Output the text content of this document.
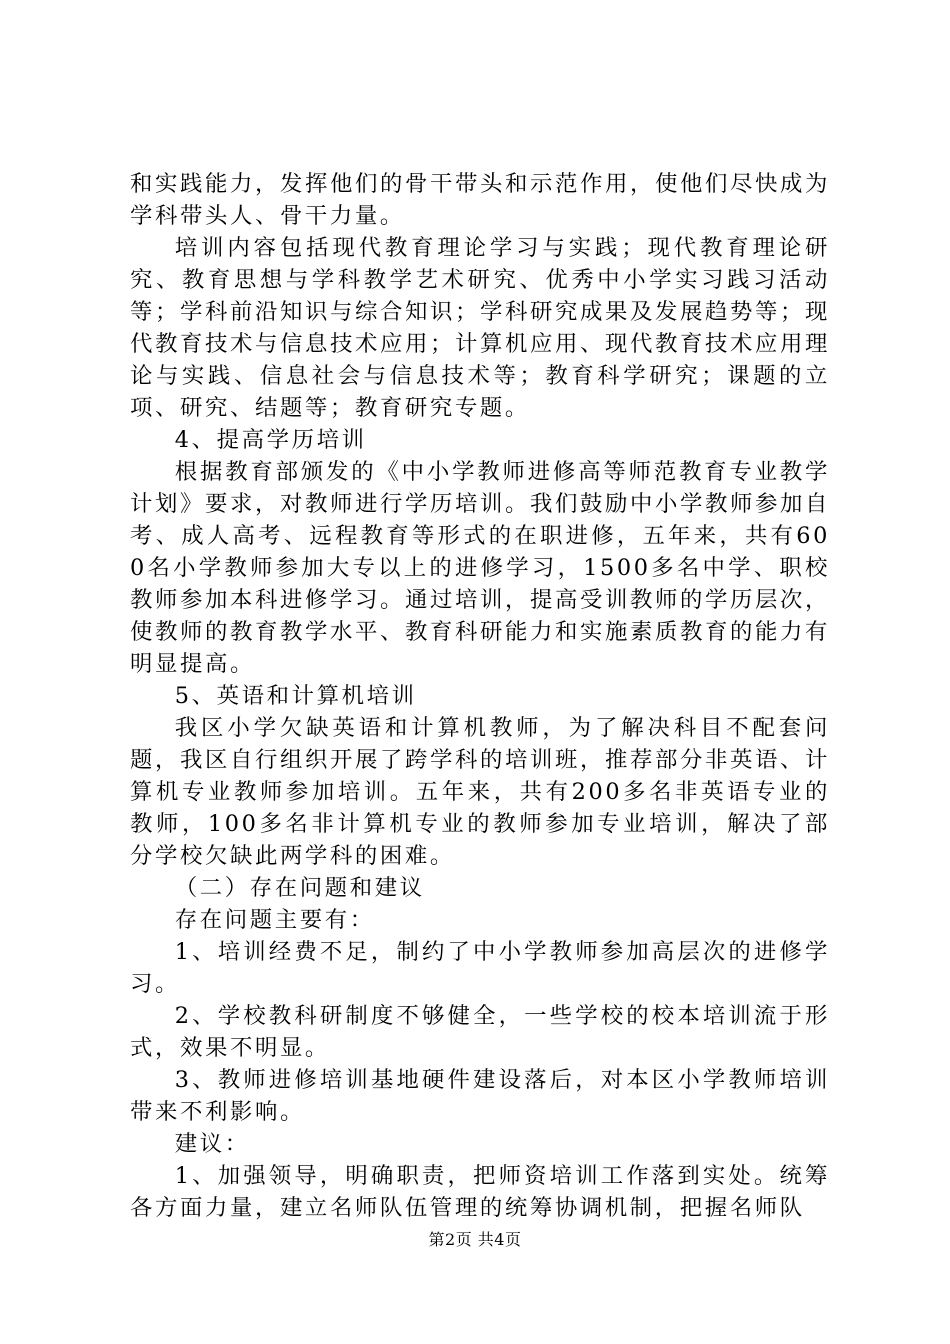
和实践能力，发挥他们的骨干带头和示范作用，使他们尽快成为学科带头人、骨干力量。

培训内容包括现代教育理论学习与实践；现代教育理论研究、教育思想与学科教学艺术研究、优秀中小学实习践习活动等；学科前沿知识与综合知识；学科研究成果及发展趋势等；现代教育技术与信息技术应用；计算机应用、现代教育技术应用理论与实践、信息社会与信息技术等；教育科学研究；课题的立项、研究、结题等；教育研究专题。

4、提高学历培训

根据教育部颁发的《中小学教师进修高等师范教育专业教学计划》要求，对教师进行学历培训。我们鼓励中小学教师参加自考、成人高考、远程教育等形式的在职进修，五年来，共有600名小学教师参加大专以上的进修学习，1500多名中学、职校教师参加本科进修学习。通过培训，提高受训教师的学历层次，使教师的教育教学水平、教育科研能力和实施素质教育的能力有明显提高。

5、英语和计算机培训

我区小学欠缺英语和计算机教师，为了解决科目不配套问题，我区自行组织开展了跨学科的培训班，推荐部分非英语、计算机专业教师参加培训。五年来，共有200多名非英语专业的教师，100多名非计算机专业的教师参加专业培训，解决了部分学校欠缺此两学科的困难。

（二）存在问题和建议

存在问题主要有：

1、培训经费不足，制约了中小学教师参加高层次的进修学习。

2、学校教科研制度不够健全，一些学校的校本培训流于形式，效果不明显。

3、教师进修培训基地硬件建设落后，对本区小学教师培训带来不利影响。

建议：

1、加强领导，明确职责，把师资培训工作落到实处。统筹各方面力量，建立名师队伍管理的统筹协调机制，把握名师队

第2页 共4页
